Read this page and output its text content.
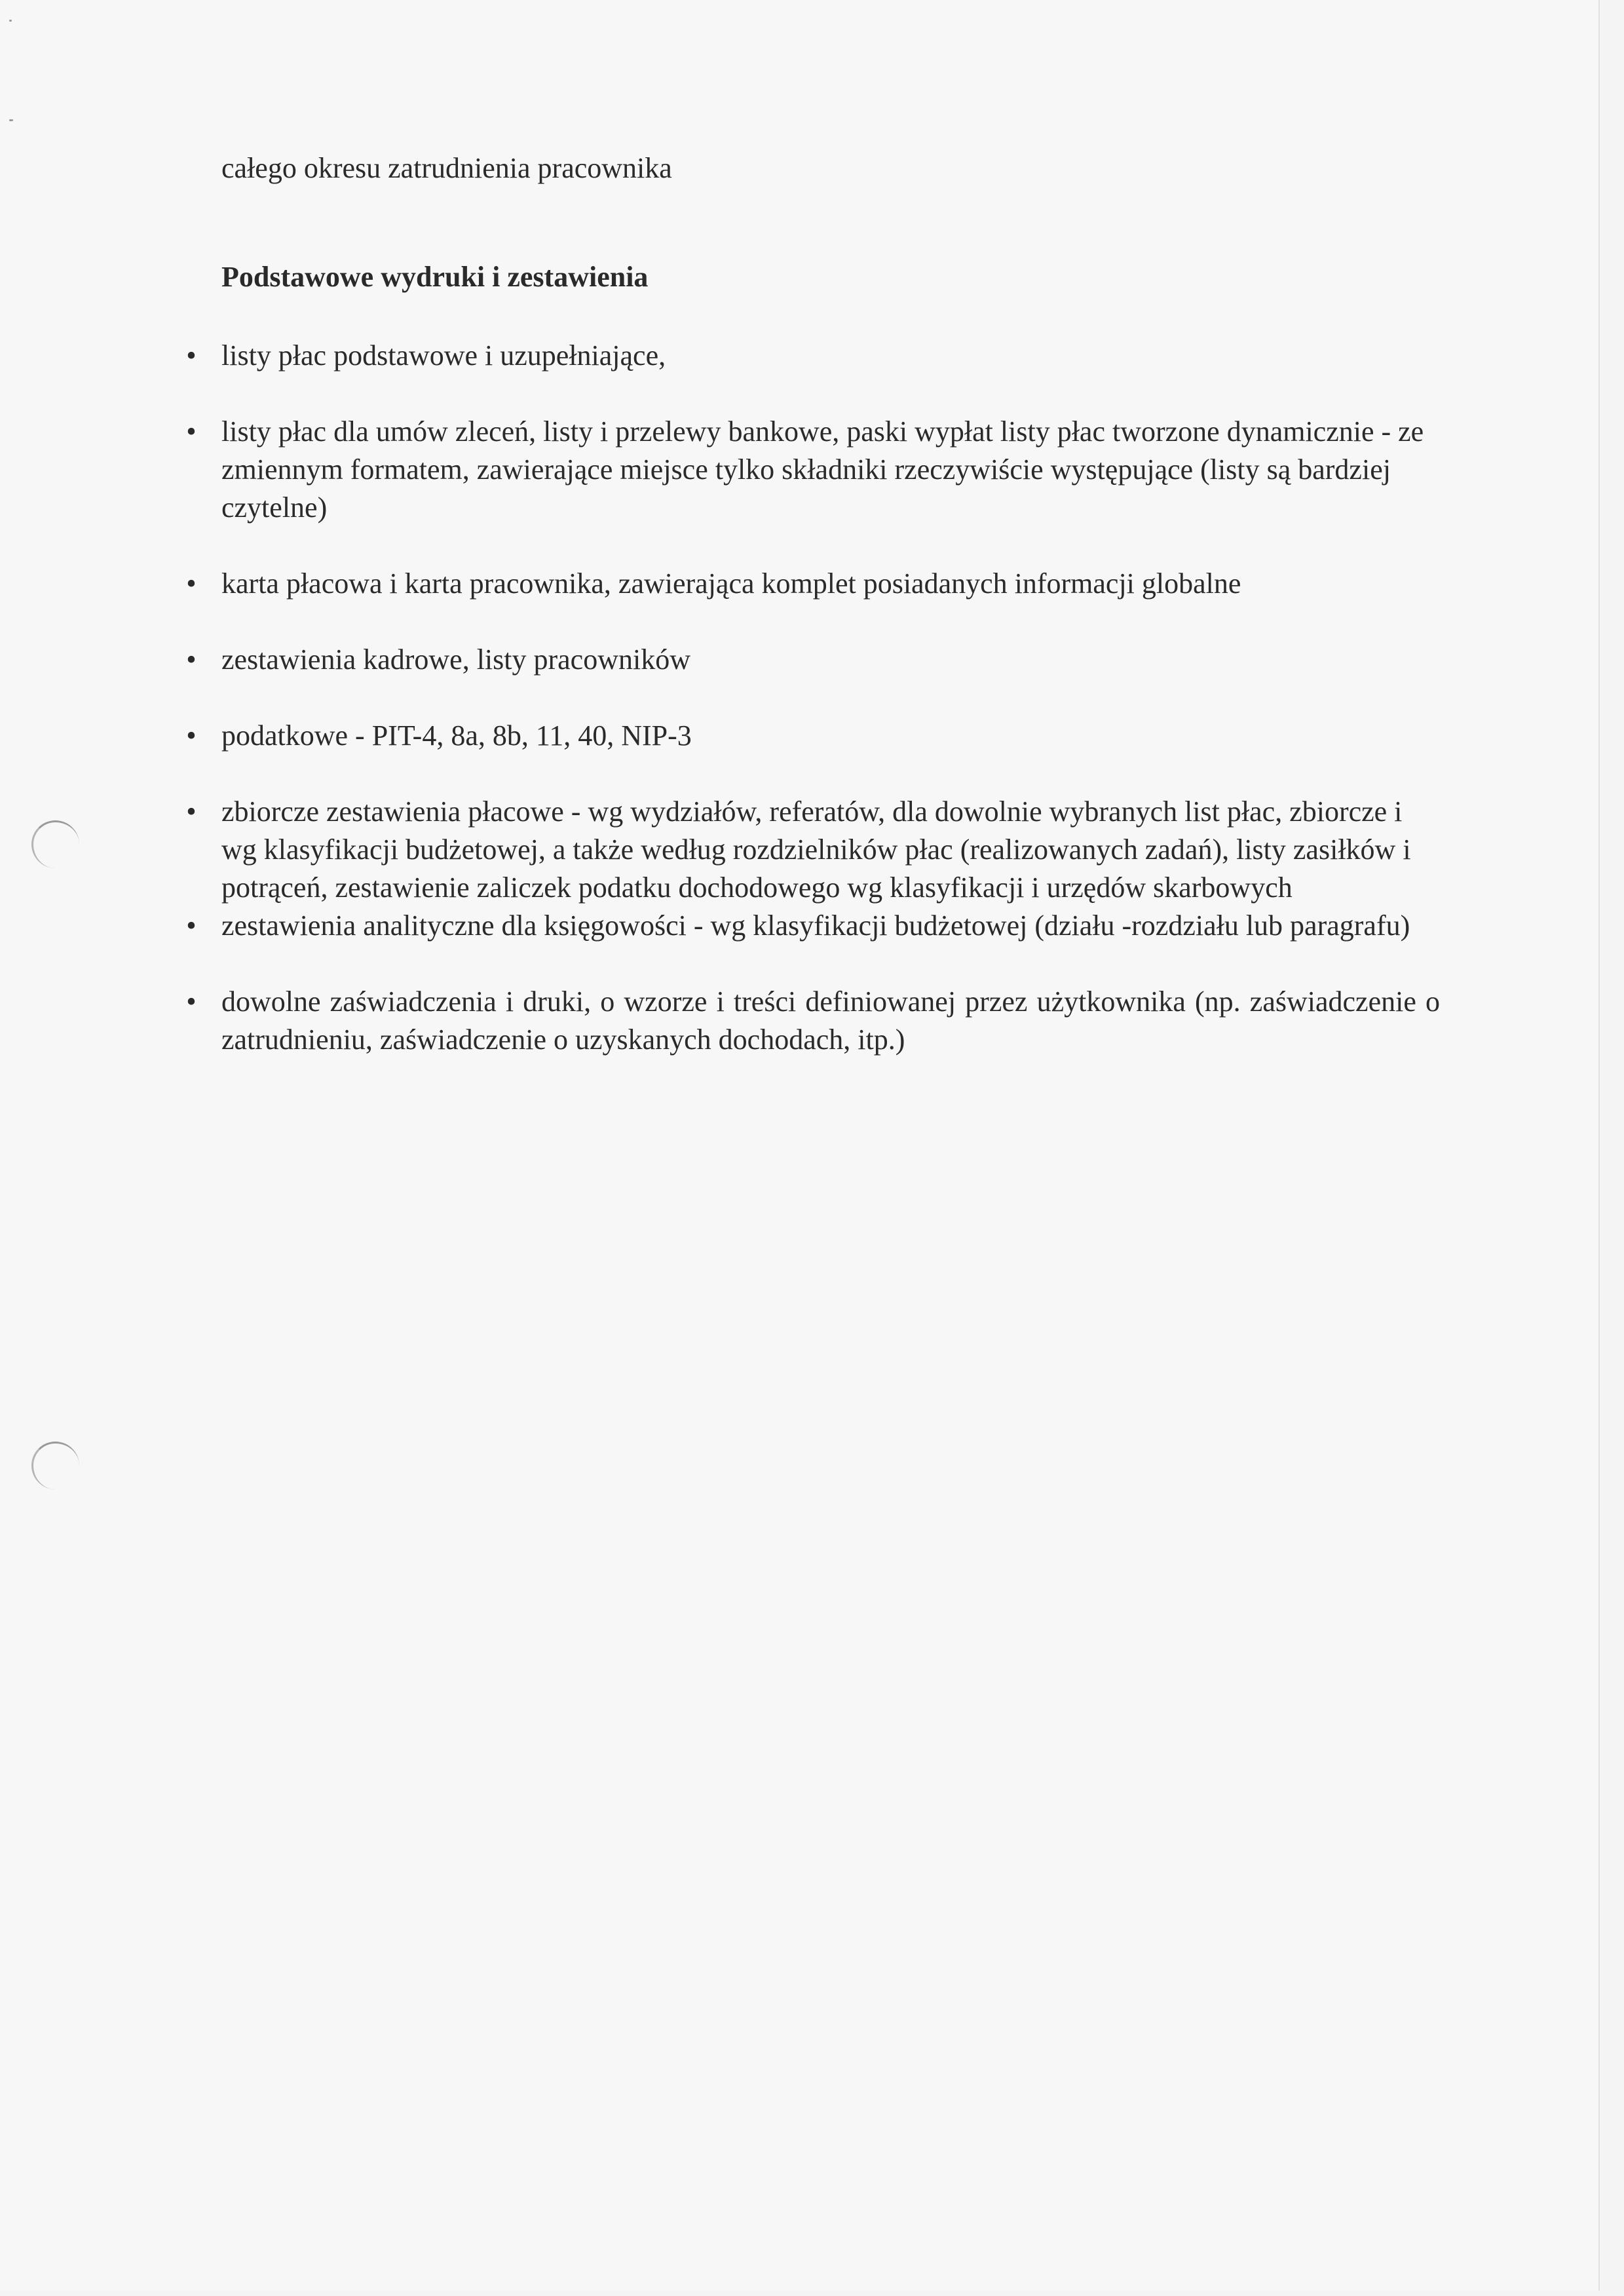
całego okresu zatrudnienia pracownika

Podstawowe wydruki i zestawienia
• listy płac podstawowe i uzupełniające,
• listy płac dla umów zleceń, listy i przelewy bankowe, paski wypłat listy płac tworzone dynamicznie - ze zmiennym formatem, zawierające miejsce tylko składniki rzeczywiście występujące (listy są bardziej czytelne)
• karta płacowa i karta pracownika, zawierająca komplet posiadanych informacji globalne
• zestawienia kadrowe, listy pracowników
• podatkowe - PIT-4, 8a, 8b, 11, 40, NIP-3
• zbiorcze zestawienia płacowe - wg wydziałów, referatów, dla dowolnie wybranych list płac, zbiorcze i wg klasyfikacji budżetowej, a także według rozdzielników płac (realizowanych zadań), listy zasiłków i potrąceń, zestawienie zaliczek podatku dochodowego wg klasyfikacji i urzędów skarbowych
• zestawienia analityczne dla księgowości - wg klasyfikacji budżetowej (działu -rozdziału lub paragrafu)
• dowolne zaświadczenia i druki, o wzorze i treści definiowanej przez użytkownika (np. zaświadczenie o zatrudnieniu, zaświadczenie o uzyskanych dochodach, itp.)
